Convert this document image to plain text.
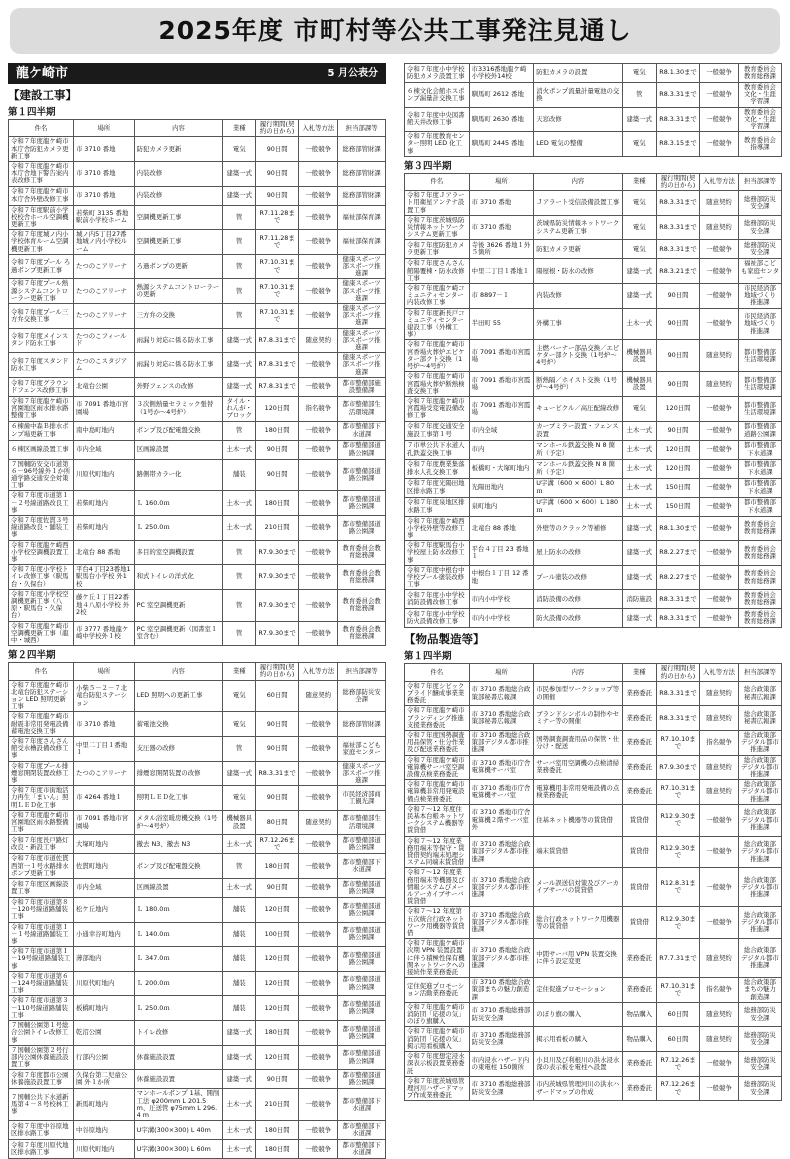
2025年度 市町村等公共工事発注見通し
龍ケ崎市	5 月公表分
【建設工事】
第１四半期
件名	場所	内容	業種	履行期間(契約の日から)	入札等方法	担当部課等
令和７年度龍ケ崎市本庁舎防犯カメラ更新工事	市 3710 番地	防犯カメラ更新	電気	90日間	一般競争	総務部管財課
令和７年度龍ケ崎市本庁舎地下警告案内表改修工事	市 3710 番地	内装改修	建築一式	90日間	一般競争	総務部管財課
令和７年度龍ケ崎市本庁舎外壁改修工事	市 3710 番地	内装改修	建築一式	90日間	一般競争	総務部管財課
令和７年度駅前小学校校舎ホール空調機更新工事	若柴町 3135 番地駅前小学校ホーム	空調機更新工事	管	R7.11.28まで	一般競争	福祉部保育課
令和７年度城ノ内小学校体育ルーム空調機更新工事	城ノ内5丁目27番地城ノ内小学校ルーム	空調機更新工事	管	R7.11.28まで	一般競争	福祉部保育課
令和７年度プール ろ過ポンプ更新工事	たつのこアリーナ	ろ過ポンプの更新	管	R7.10.31まで	一般競争	健康スポーツ部スポーツ推進課
令和７年度プール熱源システムコントローラー更新工事	たつのこアリーナ	熱源システムコントローラーの更新	管	R7.10.31まで	一般競争	健康スポーツ部スポーツ推進課
令和７年度プール三方弁交換工事	たつのこアリーナ	三方弁の交換	管	R7.10.31まで	一般競争	健康スポーツ部スポーツ推進課
令和７年度メインスタンド防水工事	たつのこフィールド	雨漏り対応に係る防水工事	建築一式	R7.8.31まで	随意契約	健康スポーツ部スポーツ推進課
令和７年度スタンド防水工事	たつのこスタジアム	雨漏り対応に係る防水工事	建築一式	R7.8.31まで	一般競争	健康スポーツ部スポーツ推進課
令和７年度グラウンドフェンス改修工事	北竜台公園	外野フェンスの改修	建築一式	R7.8.31まで	一般競争	都市整備部施設整備課
令和７年度龍ケ崎市宮園地区雨水排水路整備工事	市 7091 番地市宮園場	３次側熱量セラミック張替（1号か～4号炉）	タイル・れんが・ブロック	120日間	指名競争	都市整備部生活環境課
６棟歯中森Ｂ排水ポンプ場更新工事	南中島町地内	ポンプ及び配電盤交換	管	180日間	一般競争	都市整備部下水道課
６棟区画線設置工事	市内全域	区画線設置	土木一式	90日間	一般競争	都市整備部道路公園課
７国輔防安交市道第６－96号線外１か所通学路交通安全対策工事	川原代町地内	路側帯カラー化	舗装	90日間	一般競争	都市整備部道路公園課
令和７年度市道第１－２号線道路改良工事	若柴町地内	Ｌ 160.0ｍ	土木一式	180日間	一般競争	都市整備部道路公園課
令和７年度佐貫３号線道路改良・舗装工事	若柴町地内	Ｌ 250.0ｍ	土木一式	210日間	一般競争	都市整備部道路公園課
令和７年度龍ケ崎西小学校空調機設置工事	北竜台 88 番地	多目的室空調機設置	管	R7.9.30まで	一般競争	教育委員会教育総務課
令和７年度小学校トイレ改修工事（駅馬台・久保台）	平台4丁目23番地1駅馬台小学校 外1校	和式トイレの洋式化	管	R7.9.30まで	一般競争	教育委員会教育総務課
令和７年度小学校空調機更新工事（八原・駅馬台・久保台）	藤ケ丘１丁目22番地４八原小学校 外2校	PC 室空調機更新	管	R7.9.30まで	一般競争	教育委員会教育総務課
令和７年度龍ケ崎市空調機更新工事（龍中・城西）	市 3777 番地龍ケ崎中学校外１校	PC 室空調機更新（図書室１室含む）	管	R7.9.30まで	一般競争	教育委員会教育総務課
第２四半期
件名	場所	内容	業種	履行期間(契約の日から)	入札等方法	担当部課等
令和７年度龍ケ崎市北竜台防犯ステーション LED 照明更新工事	小柴５－２－７北竜台防犯ステーション	LED 照明への更新工事	電気	60日間	随意契約	総務部防災安全課
令和７年度龍ケ崎市耐震非常用発電設備蓄電池交換工事	市 3710 番地	蓄電池交換	電気	90日間	一般競争	総務部管財課
令和７年度さんさん館受水槽設備改修工事	中里二丁目１番地１	支圧器の改修	管	90日間	一般競争	福祉部こども家庭センター
令和７年度プール排煙窓開閉装置改修工事	たつのこアリーナ	排煙窓開閉装置の改修	建築一式	R8.3.31まで	一般競争	健康スポーツ部スポーツ推進課
令和７年度市街地活力再生「まいん」照明ＬＥＤ化工事	市 4264 番地１	照明ＬＥＤ化工事	電気	90日間	一般競争	市民経済部商工観光課
令和７年度龍ケ崎市宮園地区雨水路整備工事	市 7091 番地市宮園場	メタル浴室暖房機交換（1号炉～4号炉）	機械器具設置	80日間	随意契約	都市整備部生活環境課
令和７年度長戸路灯改良・新設工事	大塚町地内	撤去 N3、撤去 N3	土木一式	R7.12.26まで	一般競争	都市整備部道路公園課
令和７年度市道佐貫西第一１号水路排水ポンプ更新工事	佐貫町地内	ポンプ及び配電盤交換	管	180日間	一般競争	都市整備部下水道課
令和７年度区画線設置工事	市内全域	区画線設置	土木一式	90日間	一般競争	都市整備部道路公園課
令和７年度市道第８－120号線道路舗装工事	松ケ丘地内	Ｌ 180.0ｍ	舗装	120日間	一般競争	都市整備部道路公園課
令和７年度市道第Ｉ－１号線道路舗装工事	小通幸谷町地内	Ｌ 140.0ｍ	舗装	100日間	一般競争	都市整備部道路公園課
令和７年度市道第Ｉ－19号線道路舗装工事	薄部地内	Ｌ 347.0ｍ	舗装	120日間	一般競争	都市整備部道路公園課
令和７年度市道第６－124号線道路舗装工事	川原代町地内	Ｌ 200.0ｍ	舗装	120日間	一般競争	都市整備部道路公園課
令和７年度市道第３－110号線道路舗装工事	板橋町地内	Ｌ 250.0ｍ	舗装	120日間	一般競争	都市整備部道路公園課
７国輔公園第１号総合公園トイレ改修工事	乾沼公園	トイレ改修	建築一式	180日間	一般競争	都市整備部道路公園課
７国輔公園第２号行部内公園休養施設設置工事	行部内公園	休養施設設置	建築一式	120日間	一般競争	都市整備部道路公園課
令和７年度都市公園休養施設設置工事	久保台第二児童公園 外１か所	休養施設設置	建築一式	90日間	一般競争	都市整備部道路公園課
７国輔公共下水道新馬第４－８号校林工事	新馬町地内	マンホールポンプ 1基、開削工法 φ200mm L 201.5 m、圧送管 φ75mm L 296.4 m	土木一式	210日間	一般競争	都市整備部下水道課
令和７年度中谷原地区排水路工事	中谷原地内	U字溝(300×300) L 40m	土木一式	180日間	一般競争	都市整備部下水道課
令和７年度川原代地区排水路工事	川原代町地内	U字溝(300×300) L 60m	土木一式	180日間	一般競争	都市整備部下水道課
令和７年度小中学校防犯カメラ設置工事	市3316番地龍ケ崎小学校外14校	防犯カメラの設置	電気	R8.1.30まで	一般競争	教育委員会教育総務課
６棟文化会館ホスポンプ漏量計交換工事	馴馬町 2612 番地	消火ポンプ流量計量電池の交換	管	R8.3.31まで	一般競争	教育委員会文化・生涯学習課
令和７年度中央図書館天井改修工事	馴馬町 2630 番地	天窓改修	建築一式	R8.3.31まで	一般競争	教育委員会文化・生涯学習課
令和７年度教育センター照明 LED 化工事	馴馬町 2445 番地	LED 電気の整備	電気	R8.3.15まで	一般競争	教育委員会指導課
第３四半期
件名	場所	内容	業種	履行期間(契約の日から)	入札等方法	担当部課等
令和７年度Ｊアラート用衛星アンテナ設置工事	市 3710 番地	Ｊアラート受信設備設置工事	電気	R8.3.31まで	随意契約	総務部防災安全課
令和７年度茨城県防災情報ネットワークシステム更新工事	市 3710 番地	茨城県防災情報ネットワークシステム更新工事	電気	R8.3.31まで	随意契約	総務部防災安全課
令和７年度防犯カメラ更新工事	寺後 3626 番地１外５箇所	防犯カメラ更新	電気	R8.3.31まで	一般競争	総務部防災安全課
令和７年度さんさん館陽覆棟・防水改修工事	中里二丁目１番地１	陽屋根・防水の改修	建築一式	R8.3.21まで	一般競争	福祉部こども家庭センター
令和７年度龍ケ崎コミュニティセンター内装改修工事	市 8897－１	内装改修	建築一式	90日間	一般競争	市民経済部地域づくり推進課
令和７年度新長戸コミュニティセンター建設工事（外構工事）	半田町 55	外構工事	土木一式	90日間	一般競争	市民経済部地域づくり推進課
令和７年度龍ケ崎市宮香場火葬炉エビケター部クト交換（1号炉～4号炉）	市 7091 番地市宮霞場	主燃バーナー部品交換／エビケター部クト交換（1号炉～4号炉）	機械器具設置	90日間	随意契約	都市整備部生活環境課
令和７年度龍ケ崎市宮霞場火葬炉断熱検査交換工事	市 7091 番地市宮霞場	断熱隔／ホイスト交換（1号炉～4号炉）	機械器具設置	90日間	随意契約	都市整備部生活環境課
令和７年度龍ケ崎市宮霞場受変電設備改修工事	市 7091 番地市宮霞場	キュービクル／高圧配線改修	電気	120日間	一般競争	都市整備部生活環境課
令和７年度交通安全施設工事第１号	市内全域	カーブミラー設置・フェンス設置	土木一式	90日間	一般競争	都市整備部道路公園課
７市単公共下水道人孔鉄蓋交換工事	市内	マンホール鉄蓋交換 N 8 箇所（予定）	土木一式	120日間	一般競争	都市整備部下水道課
令和７年度農業集落排水人孔交換工事	板橋町・大塚町地内	マンホール鉄蓋交換 N 8 箇所（予定）	土木一式	120日間	一般競争	都市整備部下水道課
令和７年度光陽田地区排水路工事	光陽田地内	U字溝（600 × 600）L 80ｍ	土木一式	150日間	一般競争	都市整備部下水道課
令和７年度泉地区排水路工事	泉町地内	U字溝（600 × 600）L 180ｍ	土木一式	150日間	一般競争	都市整備部下水道課
令和７年度龍ケ崎西小学校外壁等改修工事	北竜台 88 番地	外壁等のクラック等補修	建築一式	R8.1.30まで	一般競争	教育委員会教育総務課
令和７年度駅馬台小学校屋上防水改修工事	平台４丁目 23 番地１	屋上防水の改修	建築一式	R8.2.27まで	一般競争	教育委員会教育総務課
令和７年度中根台中学校プール塗装改修工事	中根台１丁目 12 番地	プール塗装の改修	建築一式	R8.2.27まで	一般競争	教育委員会教育総務課
令和７年度小中学校消防設備改修工事	市内小中学校	消防設備の改修	消防施設	R8.3.31まで	一般競争	教育委員会教育総務課
令和７年度小中学校防火設備改修工事	市内小中学校	防火設備の改修	建築一式	R8.3.31まで	一般競争	教育委員会教育総務課
【物品製造等】
第１四半期
件名	場所	内容	業種	履行期間(契約の日から)	入札等方法	担当部課等
令和７年度シビックプライド醸成事業業務委託	市 3710 番地総合政策部秘書広報課	市民参加型ワークショップ等の開催	業務委託	R8.3.31まで	随意契約	総合政策部秘書広報課
令和７年度龍ケ崎市ブランディング推進支援業務委託	市 3710 番地総合政策部秘書広報課	ブランドシンボルの制作やセミナー等の開催	業務委託	R8.3.31まで	随意契約	総合政策部秘書広報課
令和７年度国勢調査用品保管・仕分作業及び配送業務委託	市 3710 番地総合政策部デジタル都市推進課	国勢調査調査用品の保管・仕分け・配送	業務委託	R7.10.10まで	指名競争	総合政策部デジタル都市推進課
令和７年度龍ケ崎市電算機サーバ室空調設備点検業務委託	市 3710 番地市庁舎電算機サーバ室	サーバ室用空調機の点検清掃業務委託	業務委託	R7.9.30まで	随意契約	総合政策部デジタル都市推進課
令和７年度龍ケ崎市電算機非常用発電設備点検業務委託	市 3710 番地市庁舎電算機サーバ室	電算機用非常用発電設備の点検業務委託	業務委託	R7.10.31まで	随意契約	総合政策部デジタル都市推進課
令和７～12 年度住民基本台帳ネットワークシステム機器等賃貸借	市 3710 番地市庁舎電算機２階サーバ室外	住基ネット機器等の賃貸借	賃貸借	R12.9.30まで	一般競争	総合政策部デジタル都市推進課
令和７～12 年度業務用端末等保守・賃貸借契約端末処理システム同端末賃貸借	市 3710 番地総合政策部デジタル都市推進課	端末賃貸借	賃貸借	R12.9.30まで	一般競争	総合政策部デジタル都市推進課
令和７～12 年度業務用端末等機器及び情報システムびメールアーカイブサーバ賃貸借	市 3710 番地総合政策部デジタル都市推進課	メール誤送信対策及びアーカイブサーバの賃貸借	賃貸借	R12.8.31まで	一般競争	総合政策部デジタル都市推進課
令和７～12 年度第五次統合行政ネットワーク用機器等賃貸借	市 3710 番地総合政策部デジタル都市推進課	総合行政ネットワーク用機器等の賃貸借	賃貸借	R12.9.30まで	一般競争	総合政策部デジタル都市推進課
令和７年度龍ケ崎市次期 VPN 装置設置に伴う積極性保有機関ネットワークへの接続作業業務委託	市 3710 番地総合政策部デジタル都市推進課	中間サーバ用 VPN 装置交換に伴う設定変更	業務委託	R7.7.31まで	随意契約	総合政策部デジタル都市推進課
定住促進プロモーション活動業務委託	市 3710 番地総合政策部まちの魅力創造課	定住促進プロモーション	業務委託	R7.10.31まで	指名競争	総合政策部まちの魅力創造課
令和７年度龍ケ崎市消防団「応援の気」のぼり旗購入	市 3710 番地総務部防災安全課	のぼり旗の購入	物品購入	60日間	随意契約	総務部防災安全課
令和７年度龍ケ崎市消防団「応援の気」掲示用看板購入	市 3710 番地総務部防災安全課	掲示用看板の購入	物品購入	60日間	随意契約	総務部防災安全課
令和７年度想定浸水深表示板設置業務委託	市内浸水ハザード内の東電柱 150箇所	小貝川及び利根川の洪水浸水深の表示板を電柱へ設置	業務委託	R7.12.26まで	一般競争	総務部防災安全課
令和７年度茨城県管理河川ハザードマップ作成業務委託	市 3710 番地総務部防災安全課	市内茨城県管理河川の洪水ハザードマップの作成	業務委託	R7.12.26まで	一般競争	総務部防災安全課
